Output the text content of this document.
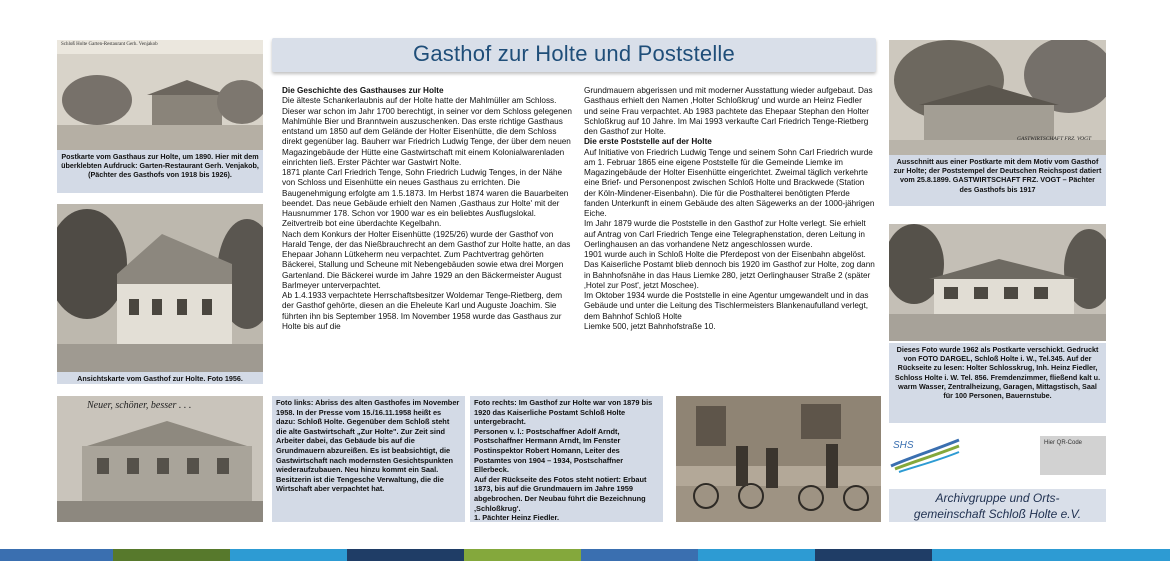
Gasthof zur Holte und Poststelle
Schloß Holte Garten-Restaurant Gerh. Venjakob
Postkarte vom Gasthaus zur Holte, um 1890. Hier mit dem überklebten Aufdruck: Garten-Restaurant Gerh. Venjakob, (Pächter des Gasthofs von 1918 bis 1926).
Ansichtskarte vom Gasthof zur Holte. Foto 1956.
Neuer, schöner, besser . . .

Die Geschichte des Gasthauses zur Holte

Die älteste Schankerlaubnis auf der Holte hatte der Mahlmüller am Schloss. Dieser war schon im Jahr 1700 berechtigt, in seiner vor dem Schloss gelegenen Mahlmühle Bier und Branntwein auszuschenken. Das erste richtige Gasthaus entstand um 1850 auf dem Gelände der Holter Eisenhütte, die dem Schloss direkt gegenüber lag. Bauherr war Friedrich Ludwig Tenge, der über dem neuen Magazingebäude der Hütte eine Gastwirtschaft mit einem Kolonialwarenladen einrichten ließ. Erster Pächter war Gastwirt Nolte.

1871 plante Carl Friedrich Tenge, Sohn Friedrich Ludwig Tenges, in der Nähe von Schloss und Eisenhütte ein neues Gasthaus zu errichten. Die Baugenehmigung erfolgte am 1.5.1873. Im Herbst 1874 waren die Bauarbeiten beendet. Das neue Gebäude erhielt den Namen ‚Gasthaus zur Holte' mit der Hausnummer 178. Schon vor 1900 war es ein beliebtes Ausflugslokal. Zeitvertreib bot eine überdachte Kegelbahn.

Nach dem Konkurs der Holter Eisenhütte (1925/26) wurde der Gasthof von Harald Tenge, der das Nießbrauchrecht an dem Gasthof zur Holte hatte, an das Ehepaar Johann Lütkeherm neu verpachtet. Zum Pachtvertrag gehörten Bäckerei, Stallung und Scheune mit Nebengebäuden sowie etwa drei Morgen Gartenland. Die Bäckerei wurde im Jahre 1929 an den Bäckermeister August Barlmeyer unterverpachtet.

Ab 1.4.1933 verpachtete Herrschaftsbesitzer Woldemar Tenge-Rietberg, dem der Gasthof gehörte, diesen an die Eheleute Karl und Auguste Joachim. Sie führten ihn bis September 1958. Im November 1958 wurde das Gasthaus zur Holte bis auf die

Grundmauern abgerissen und mit moderner Ausstattung wieder aufgebaut. Das Gasthaus erhielt den Namen ‚Holter Schloßkrug' und wurde an Heinz Fiedler und seine Frau verpachtet. Ab 1983 pachtete das Ehepaar Stephan den Holter Schloßkrug auf 10 Jahre. Im Mai 1993 verkaufte Carl Friedrich Tenge-Rietberg den Gasthof zur Holte.

Die erste Poststelle auf der Holte

Auf Initiative von Friedrich Ludwig Tenge und seinem Sohn Carl Friedrich wurde am 1. Februar 1865 eine eigene Poststelle für die Gemeinde Liemke im Magazingebäude der Holter Eisenhütte eingerichtet. Zweimal täglich verkehrte eine Brief- und Personenpost zwischen Schloß Holte und Brackwede (Station der Köln-Mindener-Eisenbahn). Die für die Posthalterei benötigten Pferde fanden Unterkunft in einem Gebäude des alten Sägewerks an der 1000-jährigen Eiche.

Im Jahr 1879 wurde die Poststelle in den Gasthof zur Holte verlegt. Sie erhielt auf Antrag von Carl Friedrich Tenge eine Telegraphenstation, deren Leitung in Oerlinghausen an das vorhandene Netz angeschlossen wurde.

1901 wurde auch in Schloß Holte die Pferdepost von der Eisenbahn abgelöst. Das Kaiserliche Postamt blieb dennoch bis 1920 im Gasthof zur Holte, zog dann in Bahnhofsnähe in das Haus Liemke 280, jetzt Oerlinghauser Straße 2 (später ‚Hotel zur Post', jetzt Moschee).

Im Oktober 1934 wurde die Poststelle in eine Agentur umgewandelt und in das Gebäude und unter die Leitung des Tischlermeisters Blankenaufulland verlegt, dem Bahnhof Schloß Holte

Liemke 500, jetzt Bahnhofstraße 10.

Foto links: Abriss des alten Gasthofes im November 1958. In der Presse vom 15./16.11.1958 heißt es dazu: Schloß Holte. Gegenüber dem Schloß steht die alte Gastwirtschaft „Zur Holte". Zur Zeit sind Arbeiter dabei, das Gebäude bis auf die Grundmauern abzureißen. Es ist beabsichtigt, die Gastwirtschaft nach modernsten Gesichtspunkten wiederaufzubauen. Neu hinzu kommt ein Saal. Besitzerin ist die Tengesche Verwaltung, die die Wirtschaft aber verpachtet hat.

Foto rechts: Im Gasthof zur Holte war von 1879 bis 1920 das Kaiserliche Postamt Schloß Holte untergebracht.

Personen v. l.: Postschaffner Adolf Arndt, Postschaffner Hermann Arndt, Im Fenster Postinspektor Robert Homann, Leiter des Postamtes von 1904 – 1934, Postschaffner Ellerbeck.

Auf der Rückseite des Fotos steht notiert: Erbaut 1873, bis auf die Grundmauern im Jahre 1959 abgebrochen. Der Neubau führt die Bezeichnung ‚Schloßkrug'.

1. Pächter Heinz Fiedler.

GASTWIRTSCHAFT FRZ. VOGT
Ausschnitt aus einer Postkarte mit dem Motiv vom Gasthof zur Holte; der Poststempel der Deutschen Reichspost datiert vom 25.8.1899. GASTWIRTSCHAFT FRZ. VOGT – Pächter des Gasthofs bis 1917
Dieses Foto wurde 1962 als Postkarte verschickt. Gedruckt von FOTO DARGEL, Schloß Holte i. W., Tel.345. Auf der Rückseite zu lesen: Holter Schlosskrug, Inh. Heinz Fiedler, Schloss Holte i. W. Tel. 856. Fremdenzimmer, fließend kalt u. warm Wasser, Zentralheizung, Garagen, Mittagstisch, Saal für 100 Personen, Bauernstube.
SHS	Hier QR-Code
Archivgruppe und Orts-
gemeinschaft Schloß Holte e.V.
